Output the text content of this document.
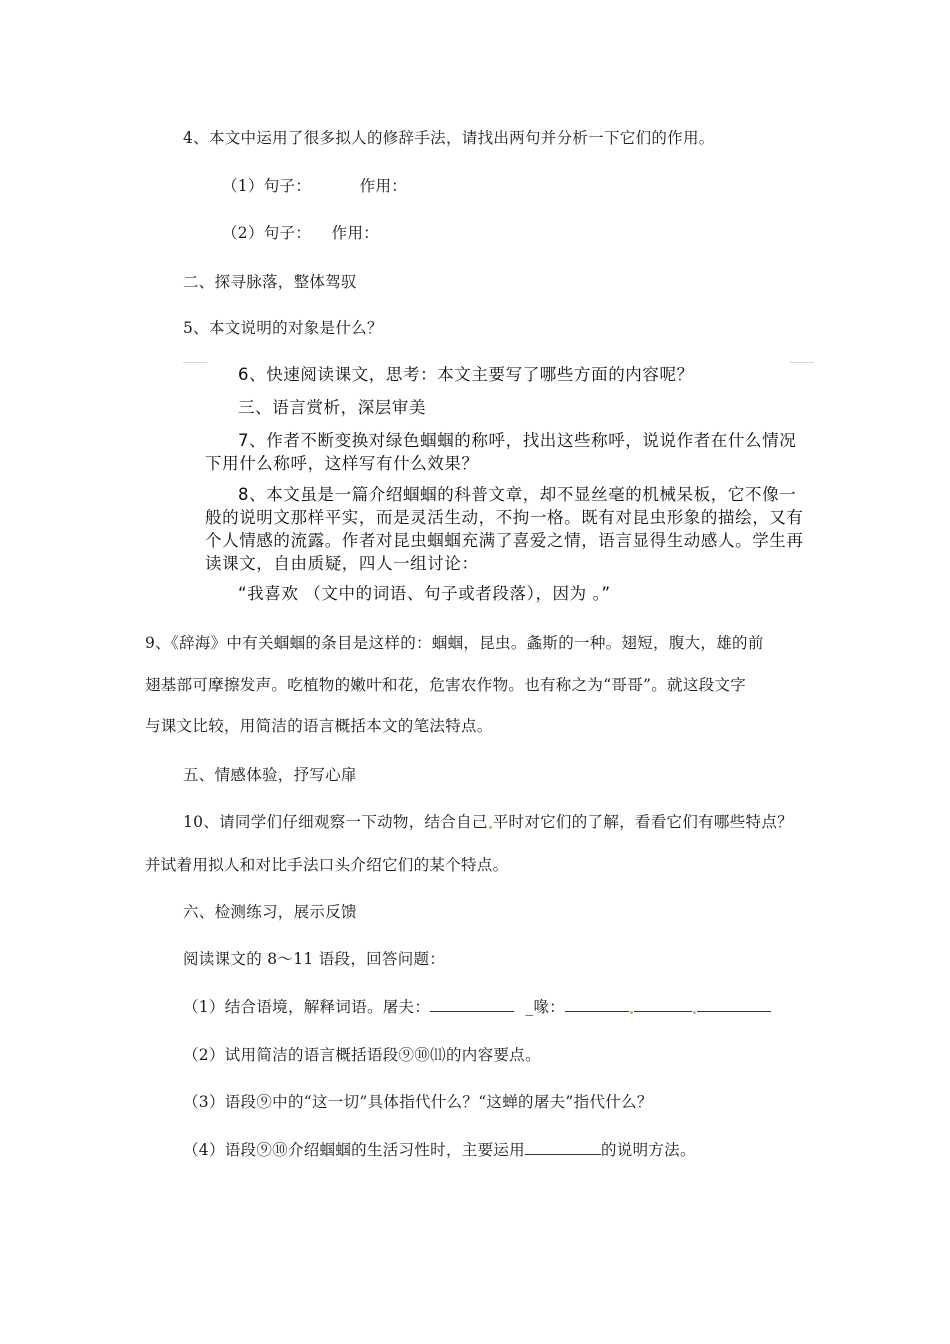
4、本文中运用了很多拟人的修辞手法，请找出两句并分析一下它们的作用。
（1）句子：	作用：
（2）句子： 作用：
二、探寻脉落，整体驾驭
5、本文说明的对象是什么？
6、快速阅读课文，思考：本文主要写了哪些方面的内容呢？
三、语言赏析，深层审美
7、作者不断变换对绿色蝈蝈的称呼，找出这些称呼，说说作者在什么情况
下用什么称呼，这样写有什么效果？
8、本文虽是一篇介绍蝈蝈的科普文章，却不显丝毫的机械呆板，它不像一
般的说明文那样平实，而是灵活生动，不拘一格。既有对昆虫形象的描绘，又有
个人情感的流露。作者对昆虫蝈蝈充满了喜爱之情，语言显得生动感人。学生再
读课文，自由质疑，四人一组讨论：
“我喜欢 （文中的词语、句子或者段落），因为 。”
9、《辞海》中有关蝈蝈的条目是这样的：蝈蝈，昆虫。螽斯的一种。翅短，腹大，雄的前
翅基部可摩擦发声。吃植物的嫩叶和花，危害农作物。也有称之为“哥哥”。就这段文字
与课文比较，用简洁的语言概括本文的笔法特点。
五、情感体验，抒写心扉
10、请同学们仔细观察一下动物，结合自己 平时对它们的了解，看看它们有哪些特点？
并试着用拟人和对比手法口头介绍它们的某个特点。
六、检测练习，展示反馈
阅读课文的 8～11 语段，回答问题：
（1）结合语境，解释词语。屠夫：	_喙：
（2）试用简洁的语言概括语段⑨⑩⑾的内容要点。
（3）语段⑨中的“这一切”具体指代什么？“这蝉的屠夫”指代什么？
（4）语段⑨⑩介绍蝈蝈的生活习性时，主要运用	的说明方法。
